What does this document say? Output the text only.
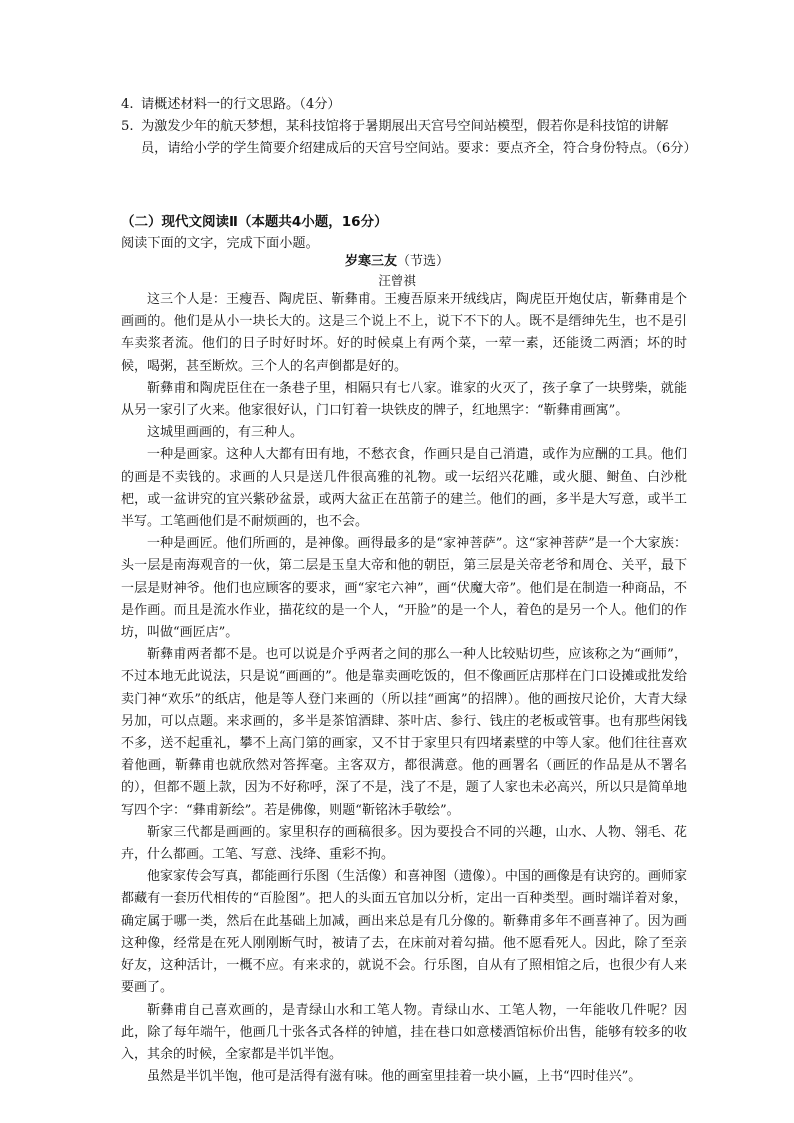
4. 请概述材料一的行文思路。（4分）
5. 为激发少年的航天梦想，某科技馆将于暑期展出天宫号空间站模型，假若你是科技馆的讲解员，请给小学的学生简要介绍建成后的天宫号空间站。要求：要点齐全，符合身份特点。（6分）
（二）现代文阅读Ⅱ（本题共4小题，16分）
阅读下面的文字，完成下面小题。
岁寒三友（节选）
汪曾祺

这三个人是：王瘦吾、陶虎臣、靳彝甫。王瘦吾原来开绒线店，陶虎臣开炮仗店，靳彝甫是个画画的。他们是从小一块长大的。这是三个说上不上，说下不下的人。既不是缙绅先生，也不是引车卖浆者流。他们的日子时好时坏。好的时候桌上有两个菜，一荤一素，还能烫二两酒；坏的时候，喝粥，甚至断炊。三个人的名声倒都是好的。

靳彝甫和陶虎臣住在一条巷子里，相隔只有七八家。谁家的火灭了，孩子拿了一块劈柴，就能从另一家引了火来。他家很好认，门口钉着一块铁皮的牌子，红地黑字：“靳彝甫画寓”。

这城里画画的，有三种人。

一种是画家。这种人大都有田有地，不愁衣食，作画只是自己消遣，或作为应酬的工具。他们的画是不卖钱的。求画的人只是送几件很高雅的礼物。或一坛绍兴花雕，或火腿、鲥鱼、白沙枇杷，或一盆讲究的宜兴紫砂盆景，或两大盆正在茁箭子的建兰。他们的画，多半是大写意，或半工半写。工笔画他们是不耐烦画的，也不会。

一种是画匠。他们所画的，是神像。画得最多的是“家神菩萨”。这“家神菩萨”是一个大家族：头一层是南海观音的一伙，第二层是玉皇大帝和他的朝臣，第三层是关帝老爷和周仓、关平，最下一层是财神爷。他们也应顾客的要求，画“家宅六神”，画“伏魔大帝”。他们是在制造一种商品，不是作画。而且是流水作业，描花纹的是一个人，“开脸”的是一个人，着色的是另一个人。他们的作坊，叫做“画匠店”。

靳彝甫两者都不是。也可以说是介乎两者之间的那么一种人比较贴切些，应该称之为“画师”，不过本地无此说法，只是说“画画的”。他是靠卖画吃饭的，但不像画匠店那样在门口设摊或批发给卖门神“欢乐”的纸店，他是等人登门来画的（所以挂“画寓”的招牌）。他的画按尺论价，大青大绿另加，可以点题。来求画的，多半是茶馆酒肆、茶叶店、参行、钱庄的老板或管事。也有那些闲钱不多，送不起重礼，攀不上高门第的画家，又不甘于家里只有四堵素壁的中等人家。他们往往喜欢着他画，靳彝甫也就欣然对答挥毫。主客双方，都很满意。他的画署名（画匠的作品是从不署名的），但都不题上款，因为不好称呼，深了不是，浅了不是，题了人家也未必高兴，所以只是简单地写四个字：“彝甫新绘”。若是佛像，则题“靳铭沐手敬绘”。

靳家三代都是画画的。家里积存的画稿很多。因为要投合不同的兴趣，山水、人物、翎毛、花卉，什么都画。工笔、写意、浅绛、重彩不拘。

他家家传会写真，都能画行乐图（生活像）和喜神图（遗像）。中国的画像是有诀窍的。画师家都藏有一套历代相传的“百脸图”。把人的头面五官加以分析，定出一百种类型。画时端详着对象，确定属于哪一类，然后在此基础上加减，画出来总是有几分像的。靳彝甫多年不画喜神了。因为画这种像，经常是在死人刚刚断气时，被请了去，在床前对着勾描。他不愿看死人。因此，除了至亲好友，这种活计，一概不应。有来求的，就说不会。行乐图，自从有了照相馆之后，也很少有人来要画了。

靳彝甫自己喜欢画的，是青绿山水和工笔人物。青绿山水、工笔人物，一年能收几件呢？因此，除了每年端午，他画几十张各式各样的钟馗，挂在巷口如意楼酒馆标价出售，能够有较多的收入，其余的时候，全家都是半饥半饱。

虽然是半饥半饱，他可是活得有滋有味。他的画室里挂着一块小匾，上书“四时佳兴”。
